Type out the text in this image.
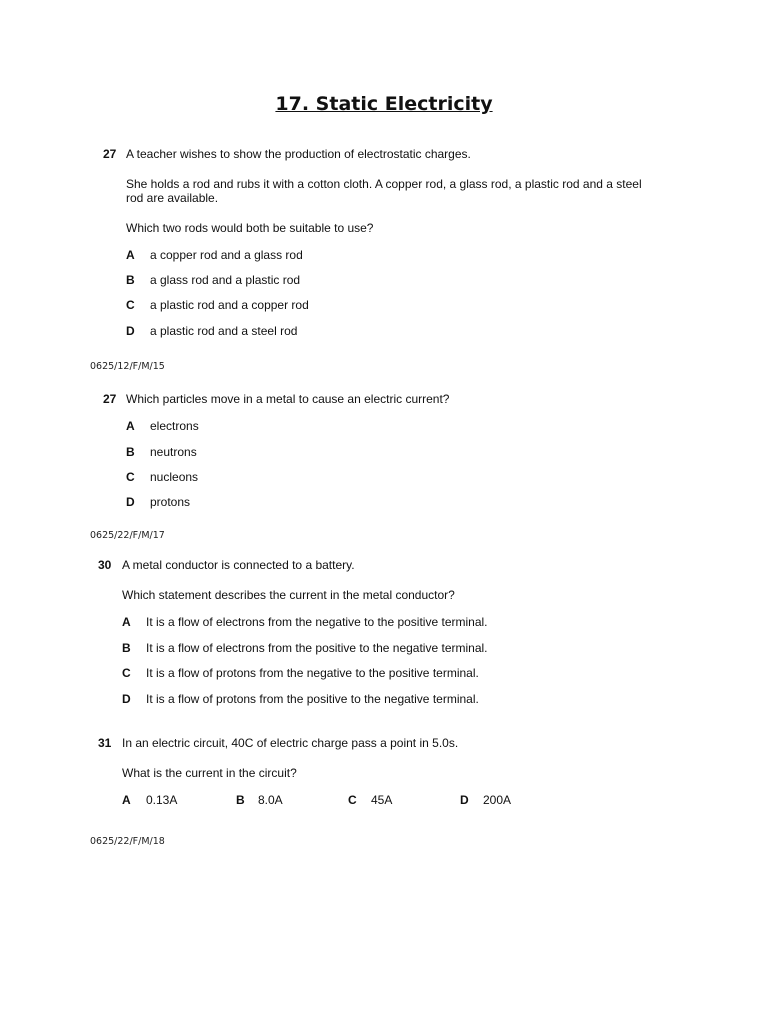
17. Static Electricity
27 A teacher wishes to show the production of electrostatic charges.
She holds a rod and rubs it with a cotton cloth. A copper rod, a glass rod, a plastic rod and a steel
rod are available.
Which two rods would both be suitable to use?
A a copper rod and a glass rod
B a glass rod and a plastic rod
C a plastic rod and a copper rod
D a plastic rod and a steel rod
0625/12/F/M/15
27 Which particles move in a metal to cause an electric current?
A electrons
B neutrons
C nucleons
D protons
0625/22/F/M/17
30 A metal conductor is connected to a battery.
Which statement describes the current in the metal conductor?
A It is a flow of electrons from the negative to the positive terminal.
B It is a flow of electrons from the positive to the negative terminal.
C It is a flow of protons from the negative to the positive terminal.
D It is a flow of protons from the positive to the negative terminal.
31 In an electric circuit, 40C of electric charge pass a point in 5.0s.
What is the current in the circuit?
A 0.13A	B 8.0A	C 45A	D 200A
0625/22/F/M/18
